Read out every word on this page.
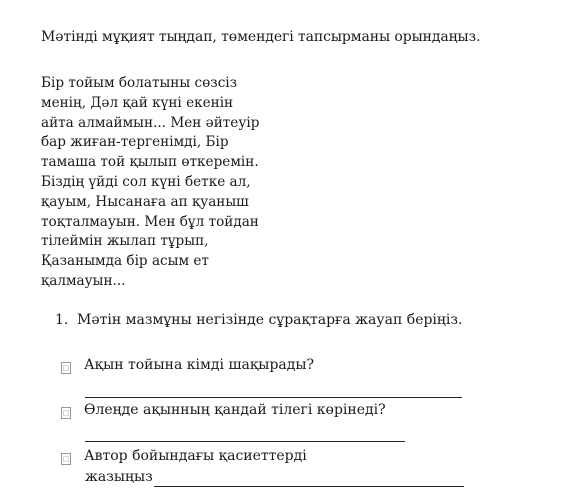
Мәтінді мұқият тыңдап, төмендегі тапсырманы орындаңыз.
Бір тойым болатыны сөзсіз
менің, Дәл қай күні екенін
айта алмаймын... Мен әйтеуір
бар жиған-тергенімді, Бір
тамаша той қылып өткеремін.
Біздің үйді сол күні бетке ал,
қауым, Нысанаға ап қуаныш
тоқталмауын. Мен бұл тойдан
тілеймін жылап тұрып,
Қазанымда бір асым ет
қалмауын...
1. Мәтін мазмұны негізінде сұрақтарға жауап беріңіз.
□ Ақын тойына кімді шақырады?
□ Өлеңде ақынның қандай тілегі көрінеді?
□ Автор бойындағы қасиеттерді
жазыңыз
